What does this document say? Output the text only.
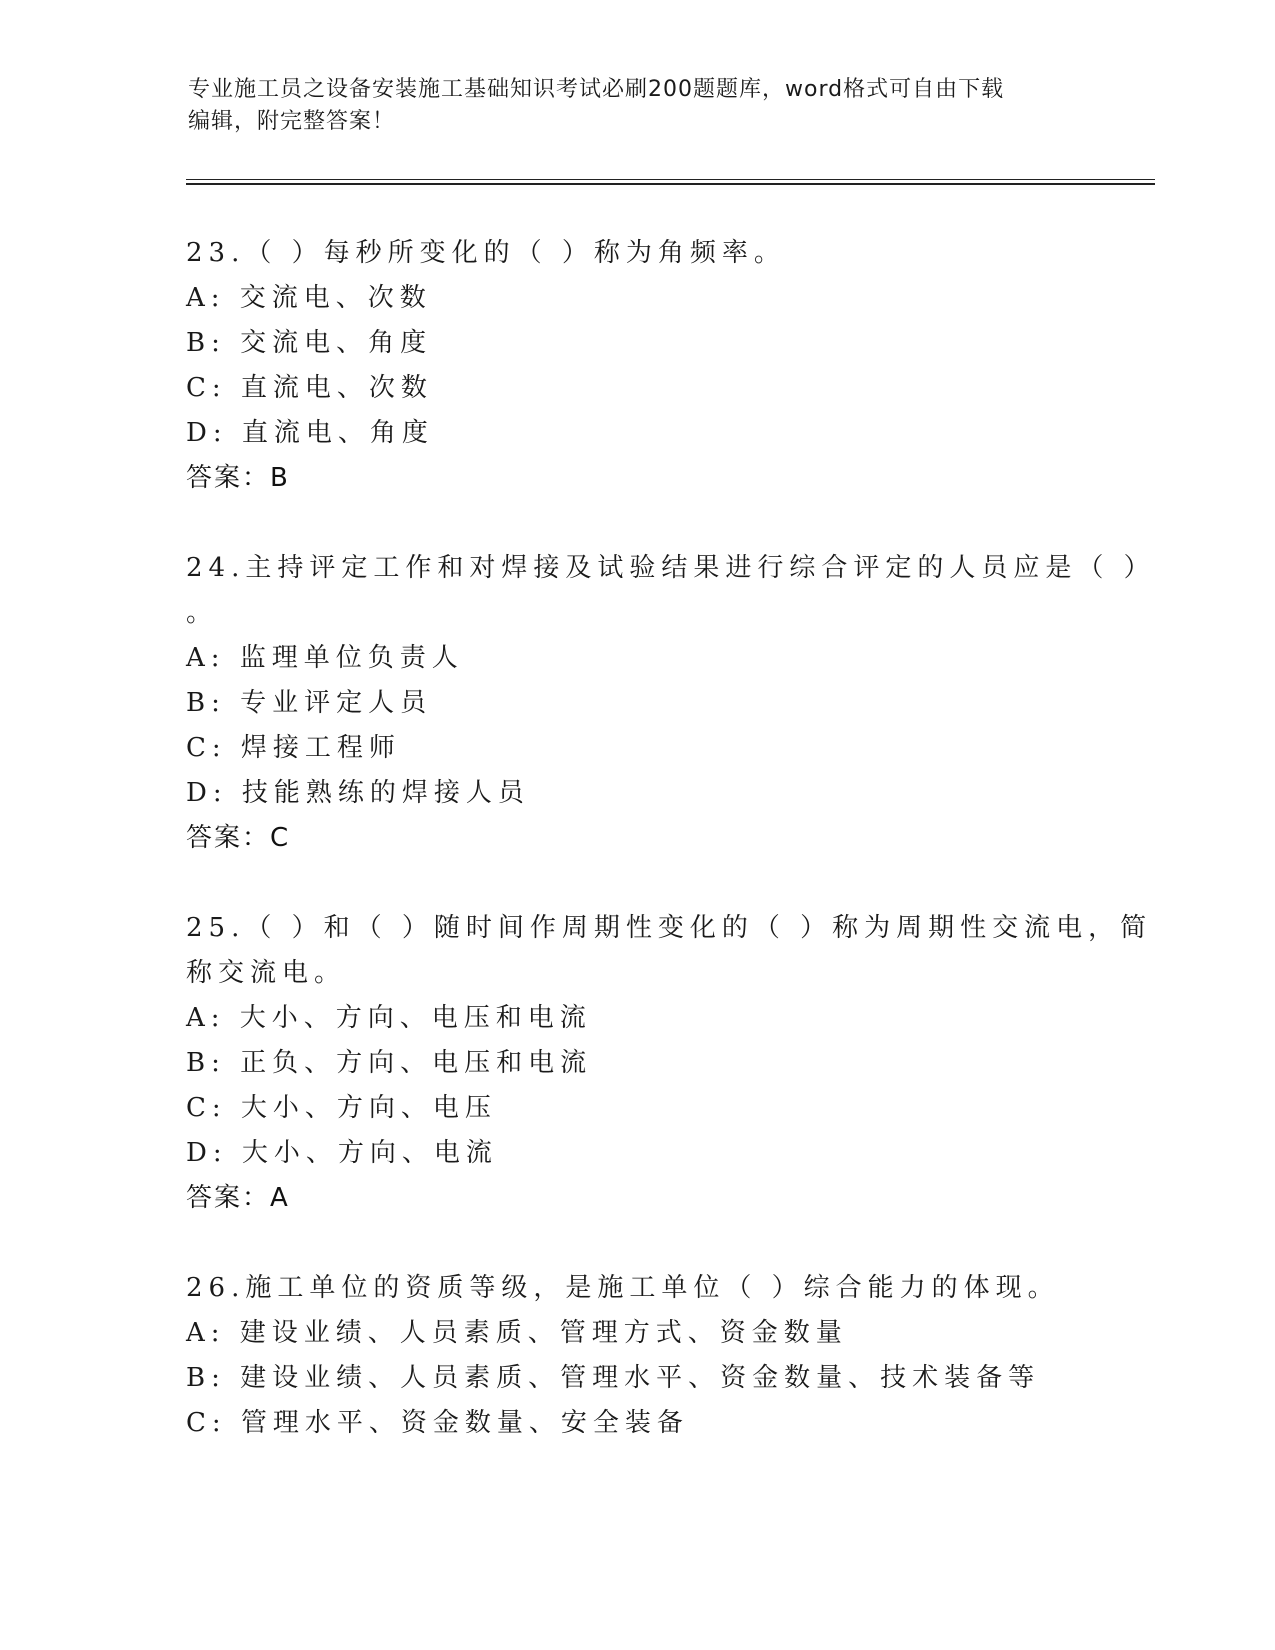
专业施工员之设备安装施工基础知识考试必刷200题题库，word格式可自由下载
编辑，附完整答案！
23.（ ）每秒所变化的（ ）称为角频率。
A: 交流电、次数
B: 交流电、角度
C: 直流电、次数
D: 直流电、角度
答案：B
24.主持评定工作和对焊接及试验结果进行综合评定的人员应是（ ）
。
A: 监理单位负责人
B: 专业评定人员
C: 焊接工程师
D: 技能熟练的焊接人员
答案：C
25.（ ）和（ ）随时间作周期性变化的（ ）称为周期性交流电，简
称交流电。
A: 大小、方向、电压和电流
B: 正负、方向、电压和电流
C: 大小、方向、电压
D: 大小、方向、电流
答案：A
26.施工单位的资质等级，是施工单位（ ）综合能力的体现。
A: 建设业绩、人员素质、管理方式、资金数量
B: 建设业绩、人员素质、管理水平、资金数量、技术装备等
C: 管理水平、资金数量、安全装备
